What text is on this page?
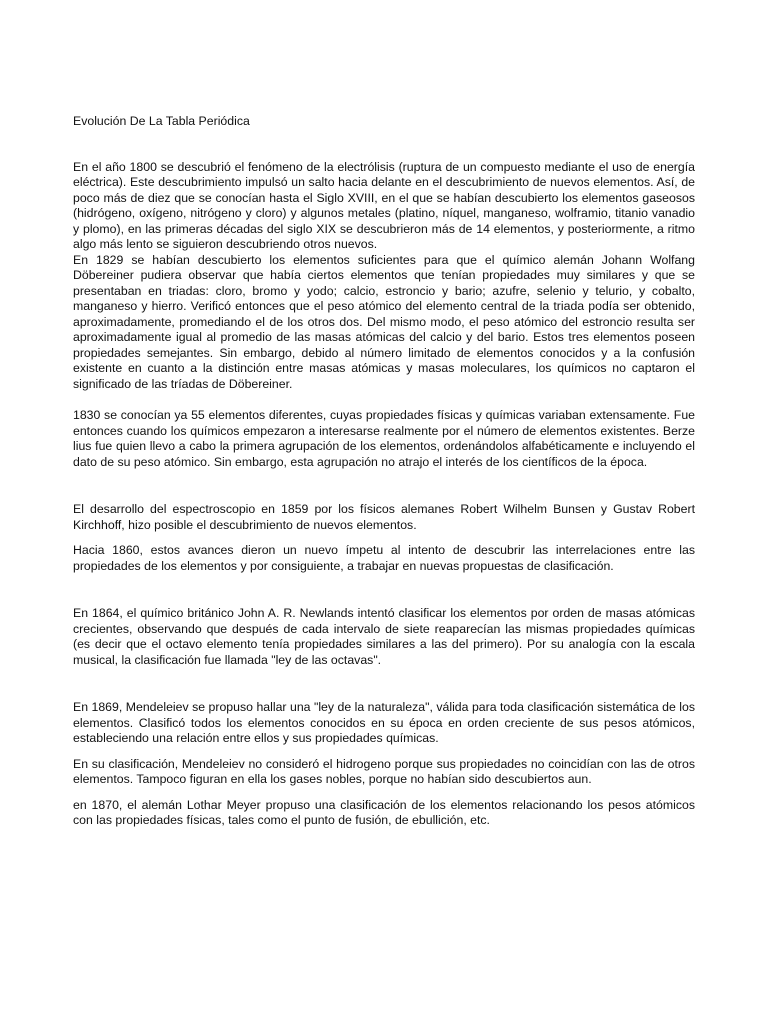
Evolución De La Tabla Periódica

En el año 1800 se descubrió el fenómeno de la electrólisis (ruptura de un compuesto mediante el uso de energía eléctrica). Este descubrimiento impulsó un salto hacia delante en el descubrimiento de nuevos elementos. Así, de poco más de diez que se conocían hasta el Siglo XVIII, en el que se habían descubierto los elementos gaseosos (hidrógeno, oxígeno, nitrógeno y cloro) y algunos metales (platino, níquel, manganeso, wolframio, titanio vanadio y plomo), en las primeras décadas del siglo XIX se descubrieron más de 14 elementos, y posteriormente, a ritmo algo más lento se siguieron descubriendo otros nuevos.

En 1829 se habían descubierto los elementos suficientes para que el químico alemán Johann Wolfang Döbereiner pudiera observar que había ciertos elementos que tenían propiedades muy similares y que se presentaban en triadas: cloro, bromo y yodo; calcio, estroncio y bario; azufre, selenio y telurio, y cobalto, manganeso y hierro. Verificó entonces que el peso atómico del elemento central de la triada podía ser obtenido, aproximadamente, promediando el de los otros dos. Del mismo modo, el peso atómico del estroncio resulta ser aproximadamente igual al promedio de las masas atómicas del calcio y del bario. Estos tres elementos poseen propiedades semejantes. Sin embargo, debido al número limitado de elementos conocidos y a la confusión existente en cuanto a la distinción entre masas atómicas y masas moleculares, los químicos no captaron el significado de las tríadas de Döbereiner.

1830 se conocían ya 55 elementos diferentes, cuyas propiedades físicas y químicas variaban extensamente. Fue entonces cuando los químicos empezaron a interesarse realmente por el número de elementos existentes. Berze lius fue quien llevo a cabo la primera agrupación de los elementos, ordenándolos alfabéticamente e incluyendo el dato de su peso atómico. Sin embargo, esta agrupación no atrajo el interés de los científicos de la época.

El desarrollo del espectroscopio en 1859 por los físicos alemanes Robert Wilhelm Bunsen y Gustav Robert Kirchhoff, hizo posible el descubrimiento de nuevos elementos.

Hacia 1860, estos avances dieron un nuevo ímpetu al intento de descubrir las interrelaciones entre las propiedades de los elementos y por consiguiente, a trabajar en nuevas propuestas de clasificación.

En 1864, el químico británico John A. R. Newlands intentó clasificar los elementos por orden de masas atómicas crecientes, observando que después de cada intervalo de siete reaparecían las mismas propiedades químicas (es decir que el octavo elemento tenía propiedades similares a las del primero). Por su analogía con la escala musical, la clasificación fue llamada "ley de las octavas".

En 1869, Mendeleiev se propuso hallar una "ley de la naturaleza", válida para toda clasificación sistemática de los elementos. Clasificó todos los elementos conocidos en su época en orden creciente de sus pesos atómicos, estableciendo una relación entre ellos y sus propiedades químicas.

En su clasificación, Mendeleiev no consideró el hidrogeno porque sus propiedades no coincidían con las de otros elementos. Tampoco figuran en ella los gases nobles, porque no habían sido descubiertos aun.

en 1870, el alemán Lothar Meyer propuso una clasificación de los elementos relacionando los pesos atómicos con las propiedades físicas, tales como el punto de fusión, de ebullición, etc.
